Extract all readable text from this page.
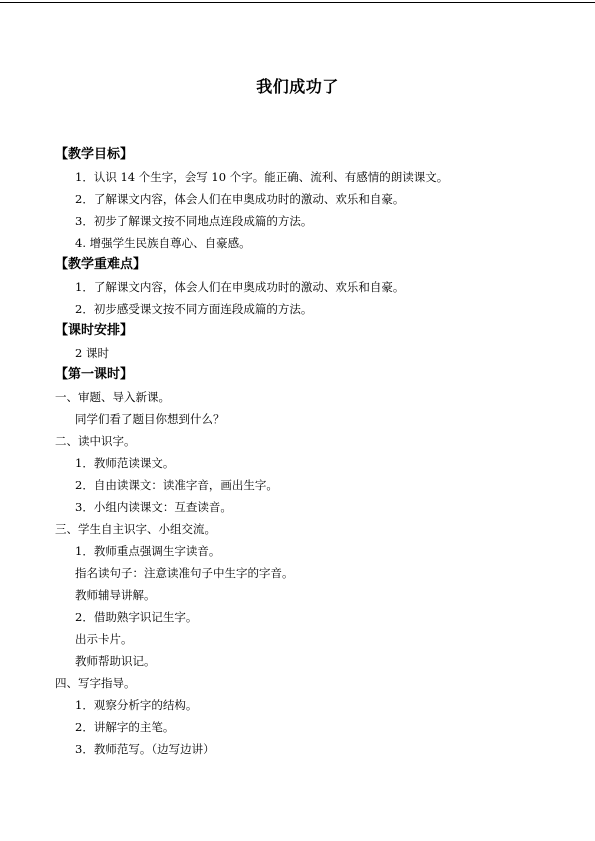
我们成功了
【教学目标】
1．认识 14 个生字，会写 10 个字。能正确、流利、有感情的朗读课文。
2．了解课文内容，体会人们在申奥成功时的激动、欢乐和自豪。
3．初步了解课文按不同地点连段成篇的方法。
4. 增强学生民族自尊心、自豪感。
【教学重难点】
1．了解课文内容，体会人们在申奥成功时的激动、欢乐和自豪。
2．初步感受课文按不同方面连段成篇的方法。
【课时安排】
2 课时
【第一课时】
一、审题、导入新课。
同学们看了题目你想到什么？
二、读中识字。
1．教师范读课文。
2．自由读课文：读准字音，画出生字。
3．小组内读课文：互查读音。
三、学生自主识字、小组交流。
1．教师重点强调生字读音。
指名读句子：注意读准句子中生字的字音。
教师辅导讲解。
2．借助熟字识记生字。
出示卡片。
教师帮助识记。
四、写字指导。
1．观察分析字的结构。
2．讲解字的主笔。
3．教师范写。（边写边讲）
